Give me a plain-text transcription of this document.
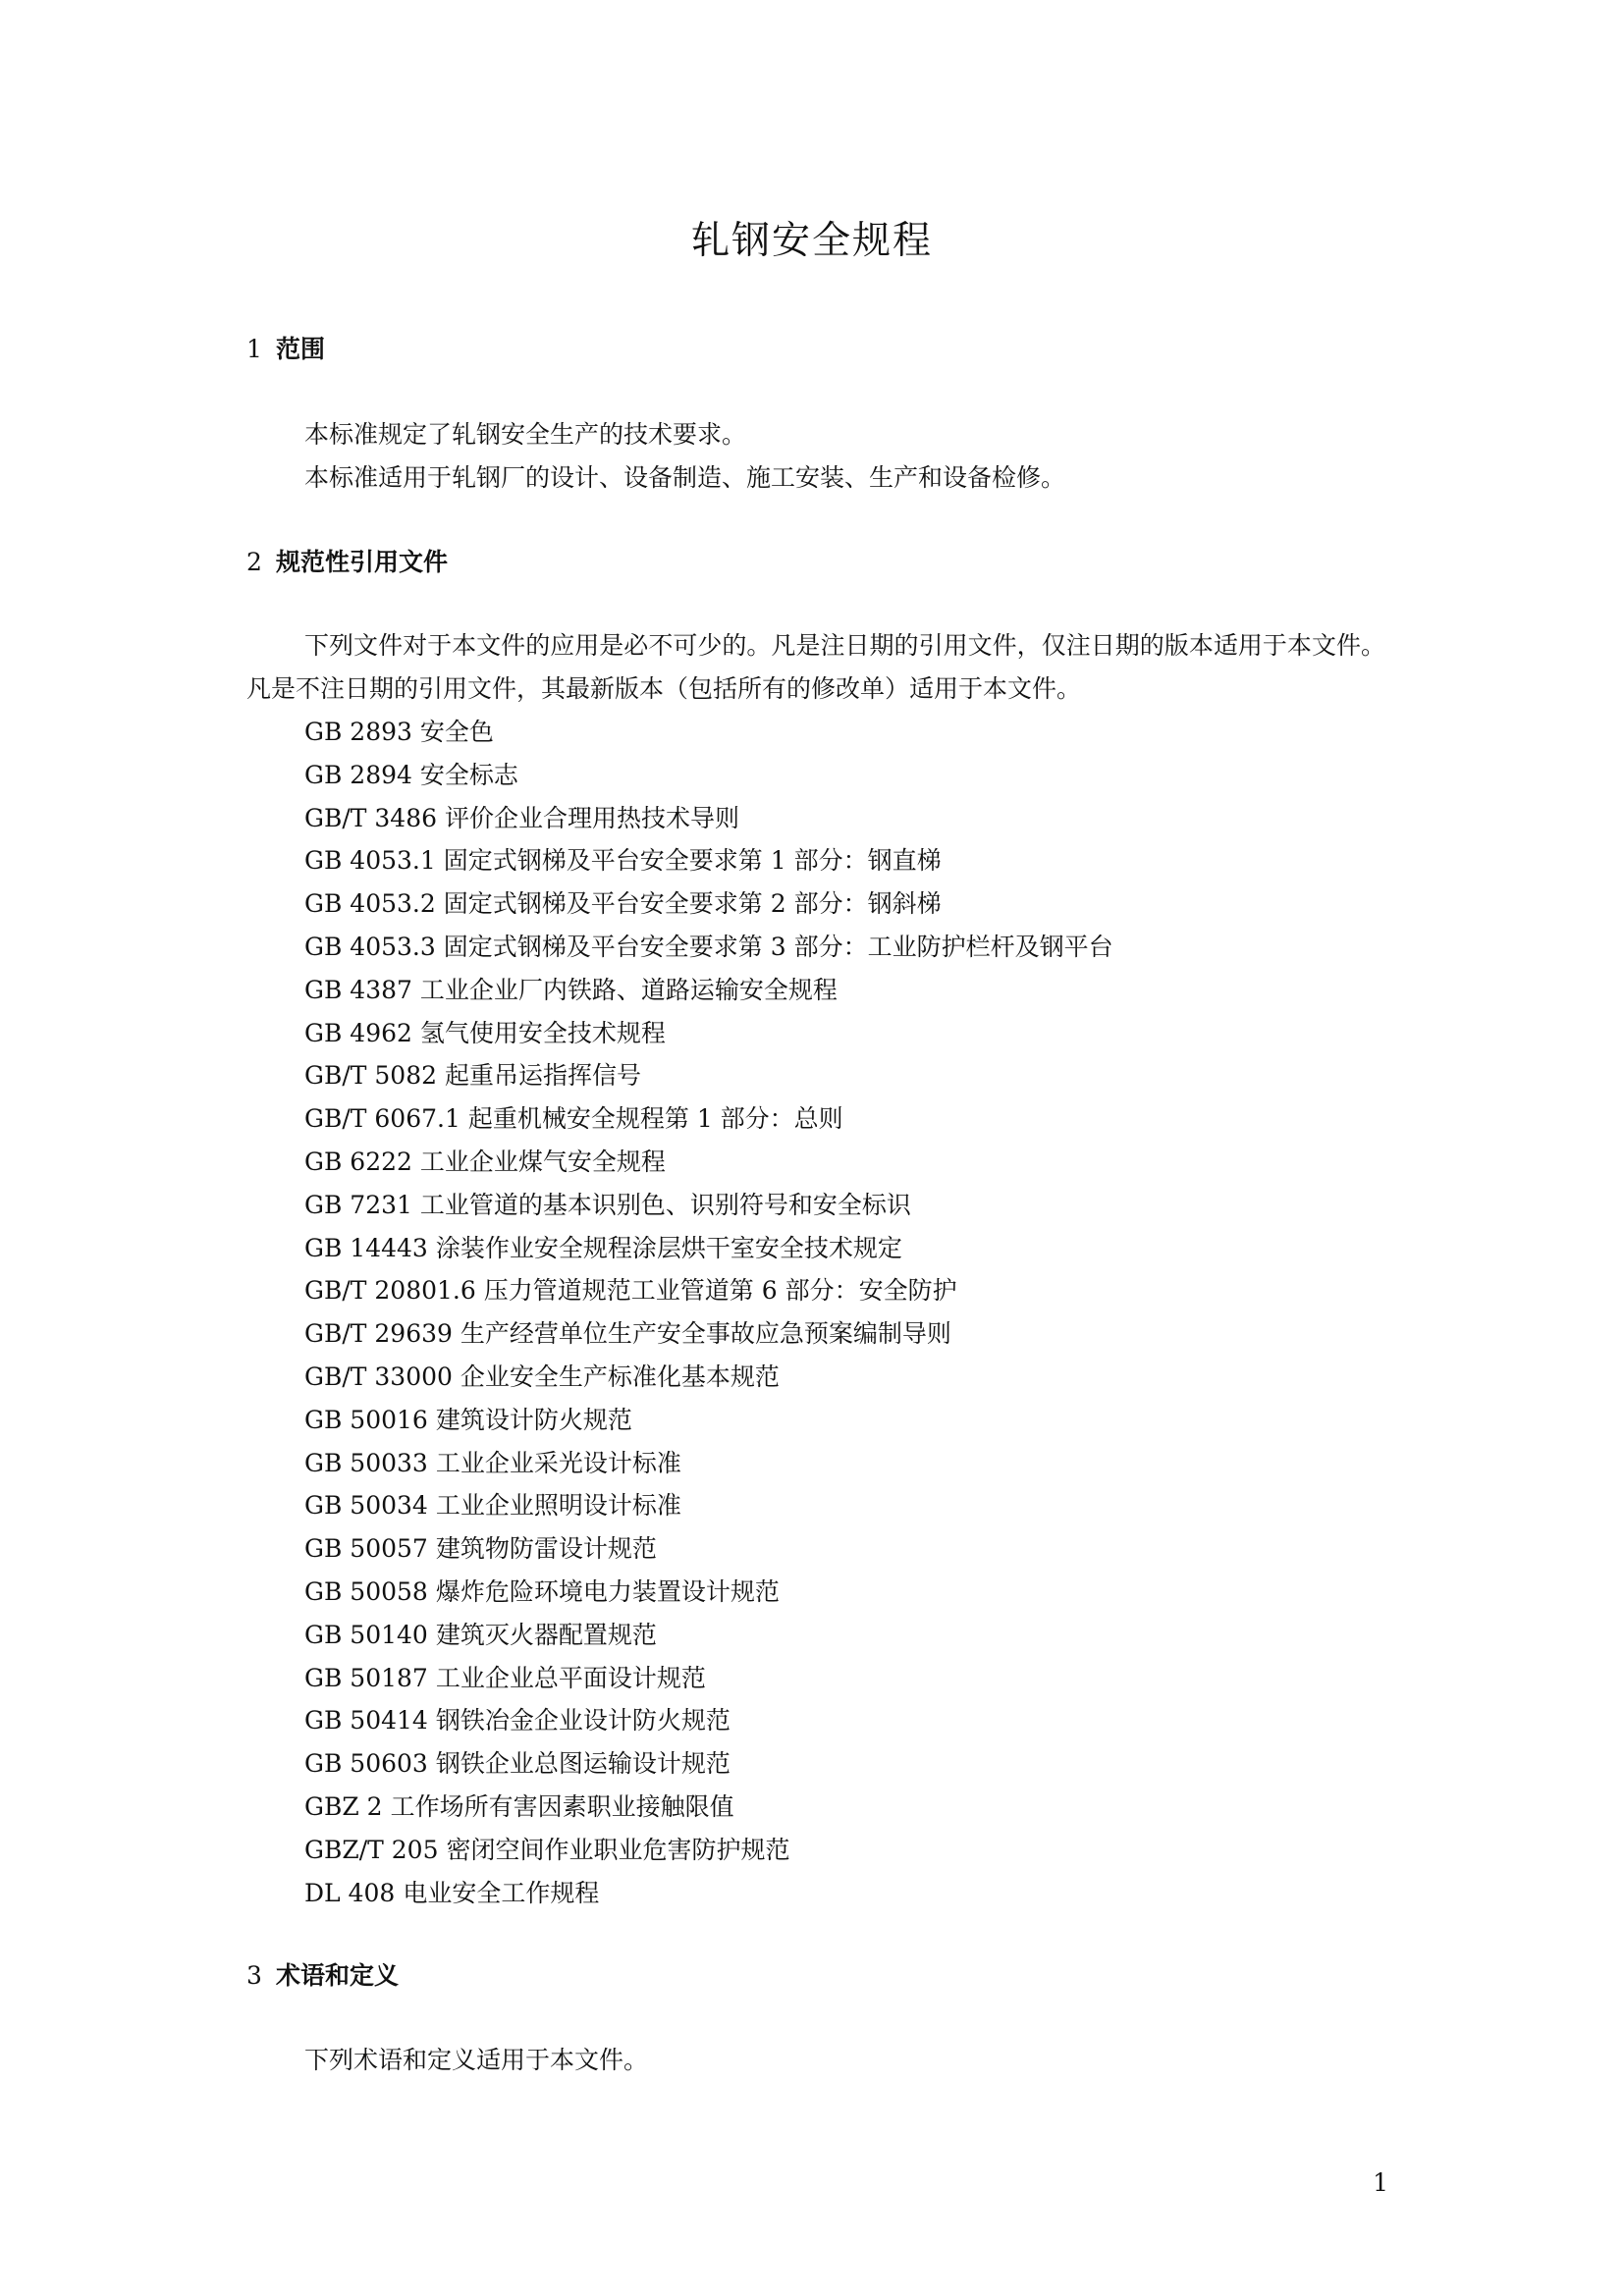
轧钢安全规程
1 范围

本标准规定了轧钢安全生产的技术要求。

本标准适用于轧钢厂的设计、设备制造、施工安装、生产和设备检修。

2 规范性引用文件

下列文件对于本文件的应用是必不可少的。凡是注日期的引用文件，仅注日期的版本适用于本文件。凡是不注日期的引用文件，其最新版本（包括所有的修改单）适用于本文件。

GB 2893 安全色
GB 2894 安全标志
GB/T 3486 评价企业合理用热技术导则
GB 4053.1 固定式钢梯及平台安全要求第 1 部分：钢直梯
GB 4053.2 固定式钢梯及平台安全要求第 2 部分：钢斜梯
GB 4053.3 固定式钢梯及平台安全要求第 3 部分：工业防护栏杆及钢平台
GB 4387 工业企业厂内铁路、道路运输安全规程
GB 4962 氢气使用安全技术规程
GB/T 5082 起重吊运指挥信号
GB/T 6067.1 起重机械安全规程第 1 部分：总则
GB 6222 工业企业煤气安全规程
GB 7231 工业管道的基本识别色、识别符号和安全标识
GB 14443 涂装作业安全规程涂层烘干室安全技术规定
GB/T 20801.6 压力管道规范工业管道第 6 部分：安全防护
GB/T 29639 生产经营单位生产安全事故应急预案编制导则
GB/T 33000 企业安全生产标准化基本规范
GB 50016 建筑设计防火规范
GB 50033 工业企业采光设计标准
GB 50034 工业企业照明设计标准
GB 50057 建筑物防雷设计规范
GB 50058 爆炸危险环境电力装置设计规范
GB 50140 建筑灭火器配置规范
GB 50187 工业企业总平面设计规范
GB 50414 钢铁冶金企业设计防火规范
GB 50603 钢铁企业总图运输设计规范
GBZ 2 工作场所有害因素职业接触限值
GBZ/T 205 密闭空间作业职业危害防护规范
DL 408 电业安全工作规程
3 术语和定义

下列术语和定义适用于本文件。

1
